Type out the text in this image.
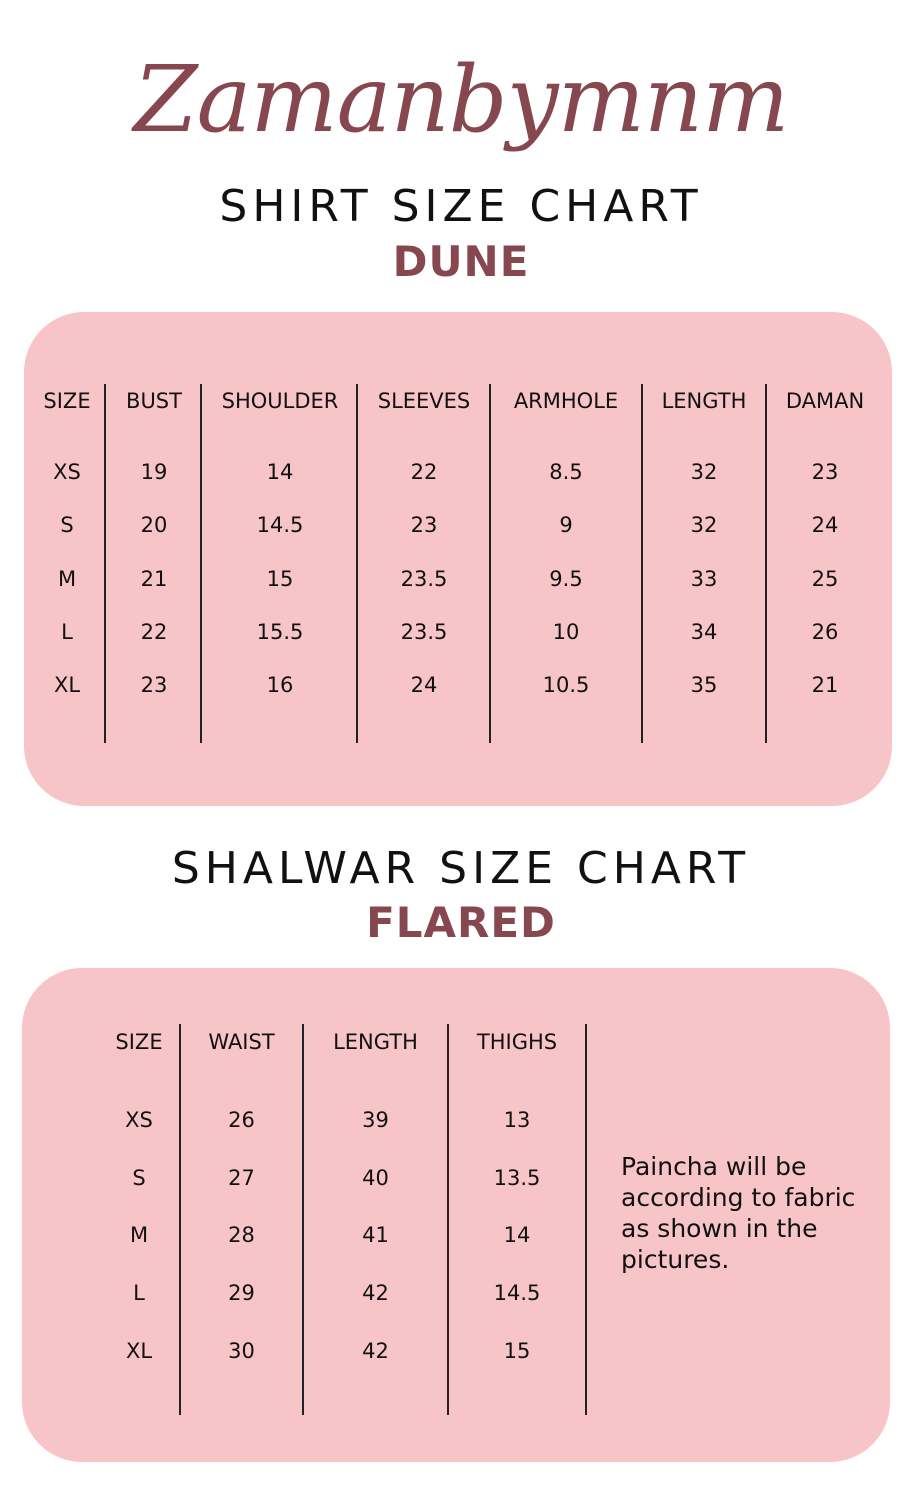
Zamanbymnm
SHIRT SIZE CHART
DUNE
SIZE
XS
S
M
L
XL
BUST
19
20
21
22
23
SHOULDER
14
14.5
15
15.5
16
SLEEVES
22
23
23.5
23.5
24
ARMHOLE
8.5
9
9.5
10
10.5
LENGTH
32
32
33
34
35
DAMAN
23
24
25
26
21
SHALWAR SIZE CHART
FLARED
Paincha will be according to fabric as shown in the pictures.
SIZE
XS
S
M
L
XL
WAIST
26
27
28
29
30
LENGTH
39
40
41
42
42
THIGHS
13
13.5
14
14.5
15
